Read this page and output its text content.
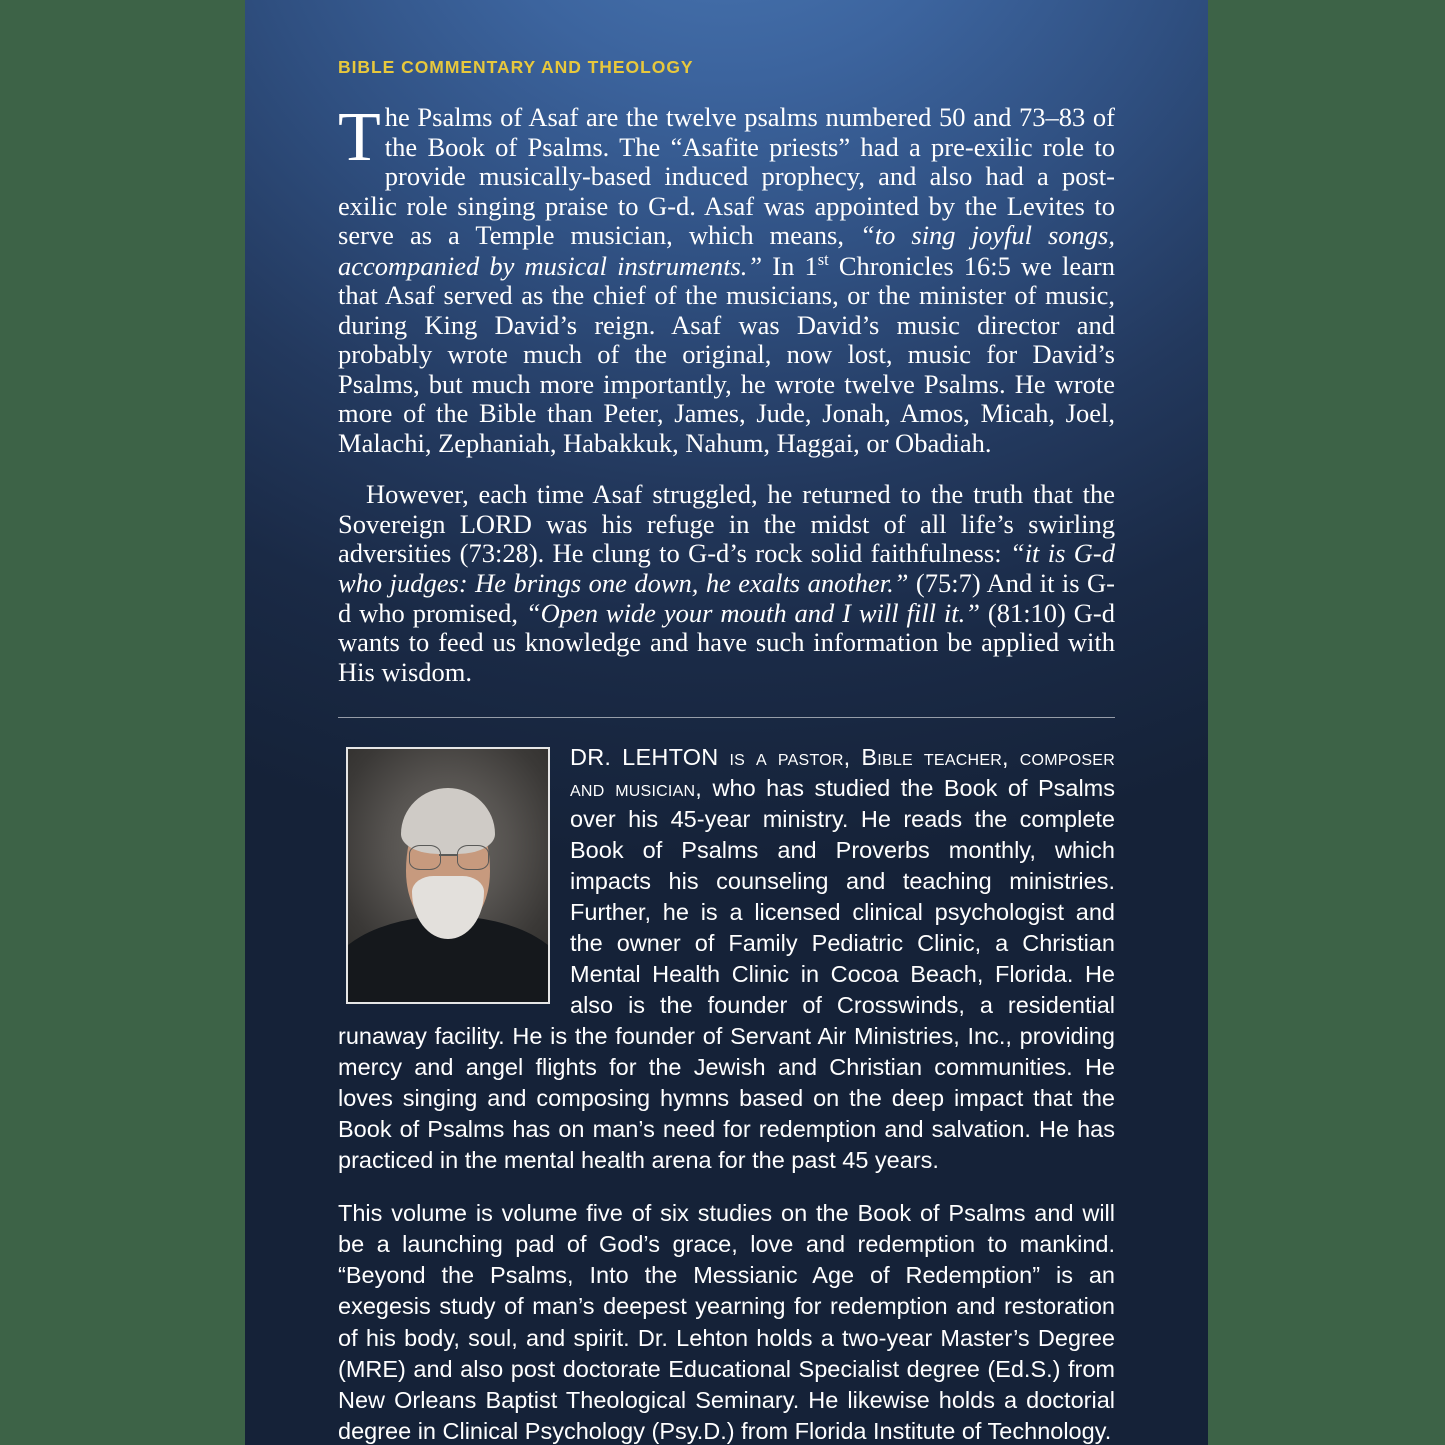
BIBLE COMMENTARY AND THEOLOGY

The Psalms of Asaf are the twelve psalms numbered 50 and 73–83 of the Book of Psalms. The “Asafite priests” had a pre-exilic role to provide musically-based induced prophecy, and also had a post-exilic role singing praise to G-d. Asaf was appointed by the Levites to serve as a Temple musician, which means, “to sing joyful songs, accompanied by musical instruments.” In 1st Chronicles 16:5 we learn that Asaf served as the chief of the musicians, or the minister of music, during King David’s reign. Asaf was David’s music director and probably wrote much of the original, now lost, music for David’s Psalms, but much more importantly, he wrote twelve Psalms. He wrote more of the Bible than Peter, James, Jude, Jonah, Amos, Micah, Joel, Malachi, Zephaniah, Habakkuk, Nahum, Haggai, or Obadiah.

However, each time Asaf struggled, he returned to the truth that the Sovereign LORD was his refuge in the midst of all life’s swirling adversities (73:28). He clung to G-d’s rock solid faithfulness: “it is G-d who judges: He brings one down, he exalts another.” (75:7) And it is G-d who promised, “Open wide your mouth and I will fill it.” (81:10) G-d wants to feed us knowledge and have such information be applied with His wisdom.

DR. LEHTON is a pastor, Bible teacher, composer and musician, who has studied the Book of Psalms over his 45-year ministry. He reads the complete Book of Psalms and Proverbs monthly, which impacts his counseling and teaching ministries. Further, he is a licensed clinical psychologist and the owner of Family Pediatric Clinic, a Christian Mental Health Clinic in Cocoa Beach, Florida. He also is the founder of Crosswinds, a residential runaway facility. He is the founder of Servant Air Ministries, Inc., providing mercy and angel flights for the Jewish and Christian communities. He loves singing and composing hymns based on the deep impact that the Book of Psalms has on man’s need for redemption and salvation. He has practiced in the mental health arena for the past 45 years.

This volume is volume five of six studies on the Book of Psalms and will be a launching pad of God’s grace, love and redemption to mankind. “Beyond the Psalms, Into the Messianic Age of Redemption” is an exegesis study of man’s deepest yearning for redemption and restoration of his body, soul, and spirit. Dr. Lehton holds a two-year Master’s Degree (MRE) and also post doctorate Educational Specialist degree (Ed.S.) from New Orleans Baptist Theological Seminary. He likewise holds a doctorial degree in Clinical Psychology (Psy.D.) from Florida Institute of Technology.
